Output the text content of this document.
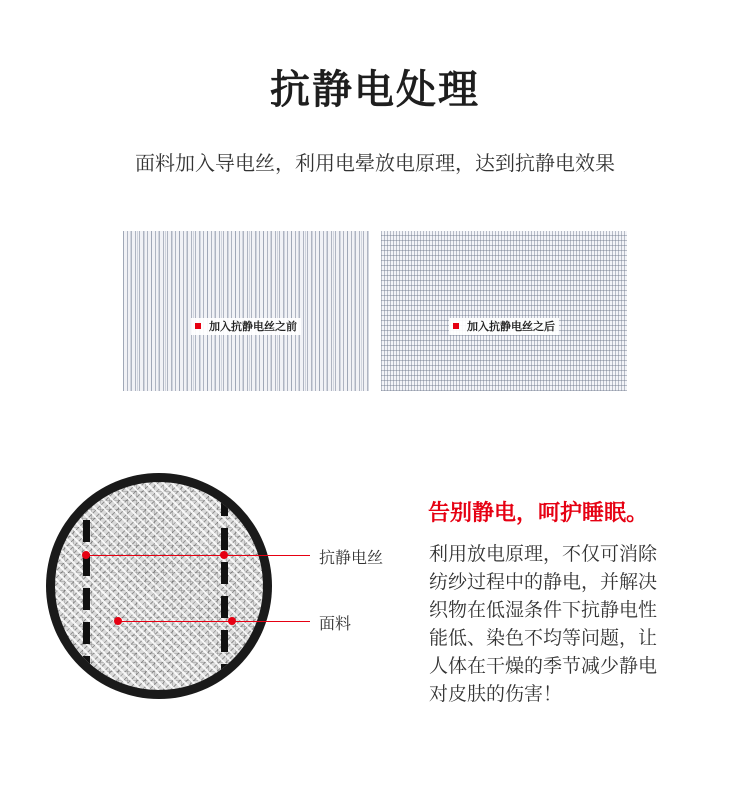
抗静电处理
面料加入导电丝，利用电晕放电原理，达到抗静电效果
加入抗静电丝之前	加入抗静电丝之后
抗静电丝
面料
告别静电，呵护睡眠。
利用放电原理，不仅可消除
纺纱过程中的静电，并解决
织物在低湿条件下抗静电性
能低、染色不均等问题，让
人体在干燥的季节减少静电
对皮肤的伤害！
